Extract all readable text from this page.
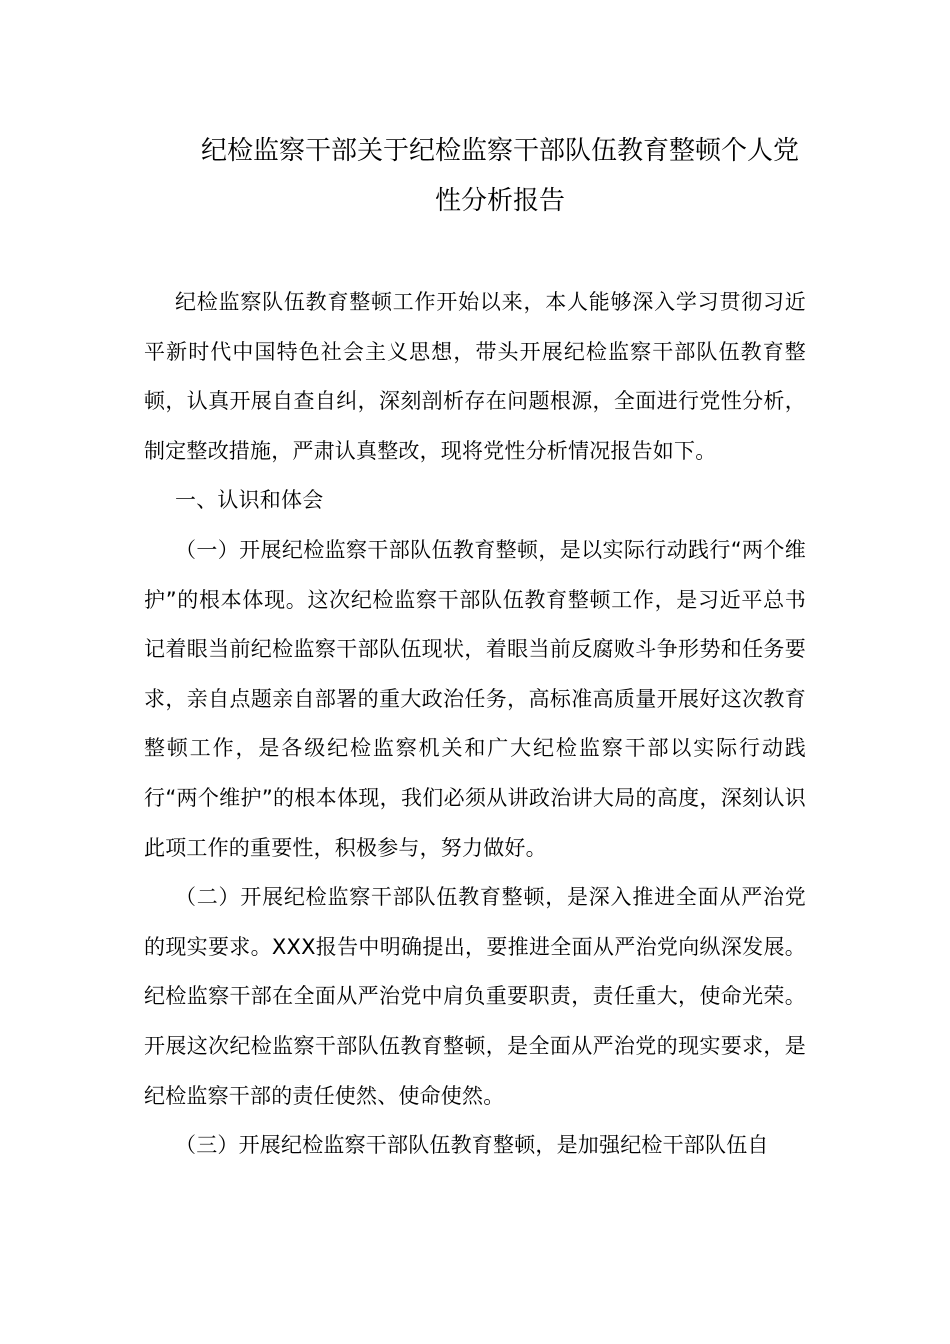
纪检监察干部关于纪检监察干部队伍教育整顿个人党
性分析报告

纪检监察队伍教育整顿工作开始以来，本人能够深入学习贯彻习近平新时代中国特色社会主义思想，带头开展纪检监察干部队伍教育整顿，认真开展自查自纠，深刻剖析存在问题根源，全面进行党性分析，制定整改措施，严肃认真整改，现将党性分析情况报告如下。

一、认识和体会

（一）开展纪检监察干部队伍教育整顿，是以实际行动践行“两个维护”的根本体现。这次纪检监察干部队伍教育整顿工作，是习近平总书记着眼当前纪检监察干部队伍现状，着眼当前反腐败斗争形势和任务要求，亲自点题亲自部署的重大政治任务，高标准高质量开展好这次教育整顿工作，是各级纪检监察机关和广大纪检监察干部以实际行动践行“两个维护”的根本体现，我们必须从讲政治讲大局的高度，深刻认识此项工作的重要性，积极参与，努力做好。

（二）开展纪检监察干部队伍教育整顿，是深入推进全面从严治党的现实要求。XXX报告中明确提出，要推进全面从严治党向纵深发展。纪检监察干部在全面从严治党中肩负重要职责，责任重大，使命光荣。开展这次纪检监察干部队伍教育整顿，是全面从严治党的现实要求，是纪检监察干部的责任使然、使命使然。

（三）开展纪检监察干部队伍教育整顿，是加强纪检干部队伍自
